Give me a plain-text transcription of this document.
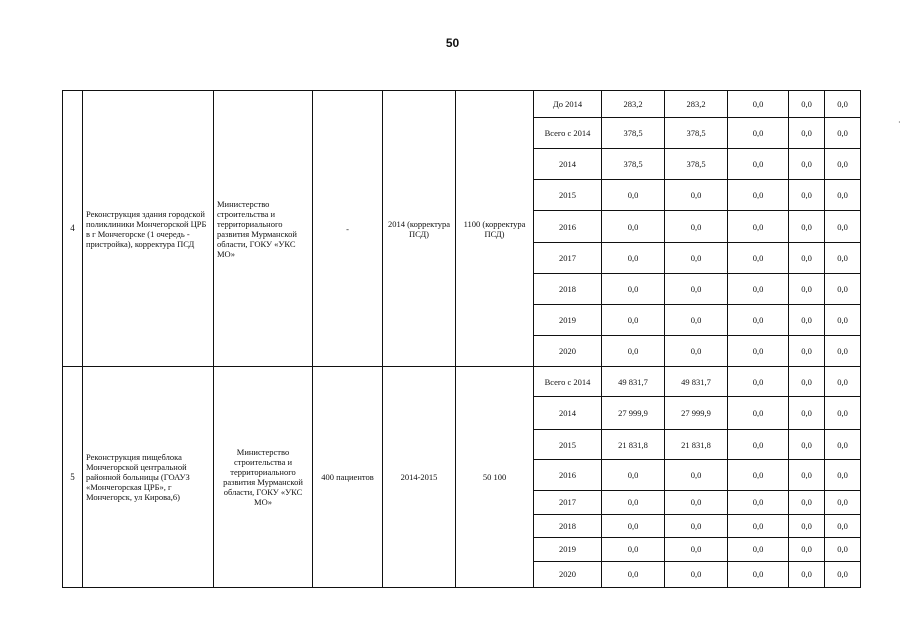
50
·
4	Реконструкция здания городской поликлиники Мончегорской ЦРБ в г Мончегорске (1 очередь - пристройка), корректура ПСД	Министерство строительства и территориального развития Мурманской области, ГОКУ «УКС МО»	-	2014 (корректура ПСД)	1100 (корректура ПСД)	До 2014	283,2	283,2	0,0	0,0	0,0
						Всего с 2014	378,5	378,5	0,0	0,0	0,0
						2014	378,5	378,5	0,0	0,0	0,0
						2015	0,0	0,0	0,0	0,0	0,0
						2016	0,0	0,0	0,0	0,0	0,0
						2017	0,0	0,0	0,0	0,0	0,0
						2018	0,0	0,0	0,0	0,0	0,0
						2019	0,0	0,0	0,0	0,0	0,0
						2020	0,0	0,0	0,0	0,0	0,0
5	Реконструкция пищеблока Мончегорской центральной районной больницы (ГОАУЗ «Мончегорская ЦРБ», г Мончегорск, ул Кирова,6)	Министерство строительства и территориального развития Мурманской области, ГОКУ «УКС МО»	400 пациентов	2014-2015	50 100	Всего с 2014	49 831,7	49 831,7	0,0	0,0	0,0
						2014	27 999,9	27 999,9	0,0	0,0	0,0
						2015	21 831,8	21 831,8	0,0	0,0	0,0
						2016	0,0	0,0	0,0	0,0	0,0
						2017	0,0	0,0	0,0	0,0	0,0
						2018	0,0	0,0	0,0	0,0	0,0
						2019	0,0	0,0	0,0	0,0	0,0
						2020	0,0	0,0	0,0	0,0	0,0
